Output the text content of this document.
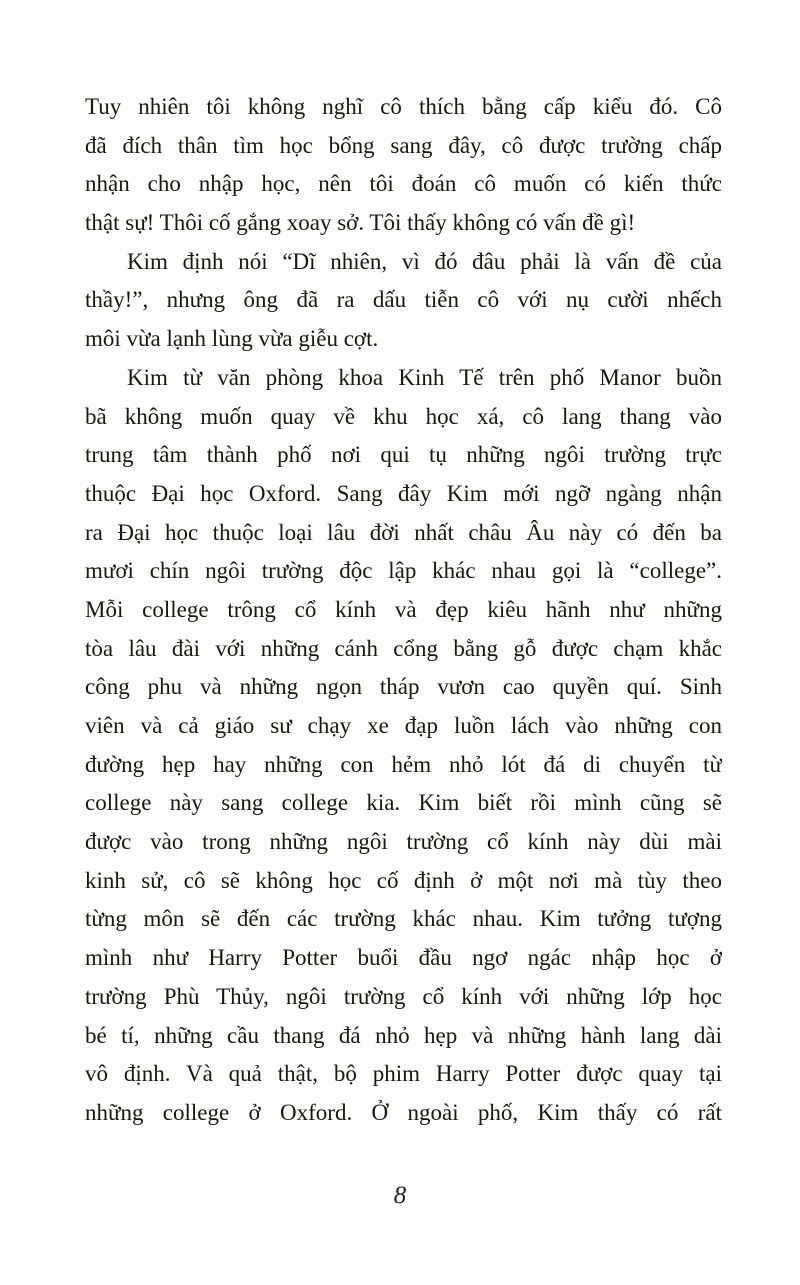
Tuy nhiên tôi không nghĩ cô thích bằng cấp kiểu đó. Cô
đã đích thân tìm học bổng sang đây, cô được trường chấp
nhận cho nhập học, nên tôi đoán cô muốn có kiến thức
thật sự! Thôi cố gắng xoay sở. Tôi thấy không có vấn đề gì!
Kim định nói “Dĩ nhiên, vì đó đâu phải là vấn đề của
thầy!”, nhưng ông đã ra dấu tiễn cô với nụ cười nhếch
môi vừa lạnh lùng vừa giễu cợt.
Kim từ văn phòng khoa Kinh Tế trên phố Manor buồn
bã không muốn quay về khu học xá, cô lang thang vào
trung tâm thành phố nơi qui tụ những ngôi trường trực
thuộc Đại học Oxford. Sang đây Kim mới ngỡ ngàng nhận
ra Đại học thuộc loại lâu đời nhất châu Âu này có đến ba
mươi chín ngôi trường độc lập khác nhau gọi là “college”.
Mỗi college trông cổ kính và đẹp kiêu hãnh như những
tòa lâu đài với những cánh cổng bằng gỗ được chạm khắc
công phu và những ngọn tháp vươn cao quyền quí. Sinh
viên và cả giáo sư chạy xe đạp luồn lách vào những con
đường hẹp hay những con hẻm nhỏ lót đá di chuyển từ
college này sang college kia. Kim biết rồi mình cũng sẽ
được vào trong những ngôi trường cổ kính này dùi mài
kinh sử, cô sẽ không học cố định ở một nơi mà tùy theo
từng môn sẽ đến các trường khác nhau. Kim tưởng tượng
mình như Harry Potter buổi đầu ngơ ngác nhập học ở
trường Phù Thủy, ngôi trường cổ kính với những lớp học
bé tí, những cầu thang đá nhỏ hẹp và những hành lang dài
vô định. Và quả thật, bộ phim Harry Potter được quay tại
những college ở Oxford. Ở ngoài phố, Kim thấy có rất
8
